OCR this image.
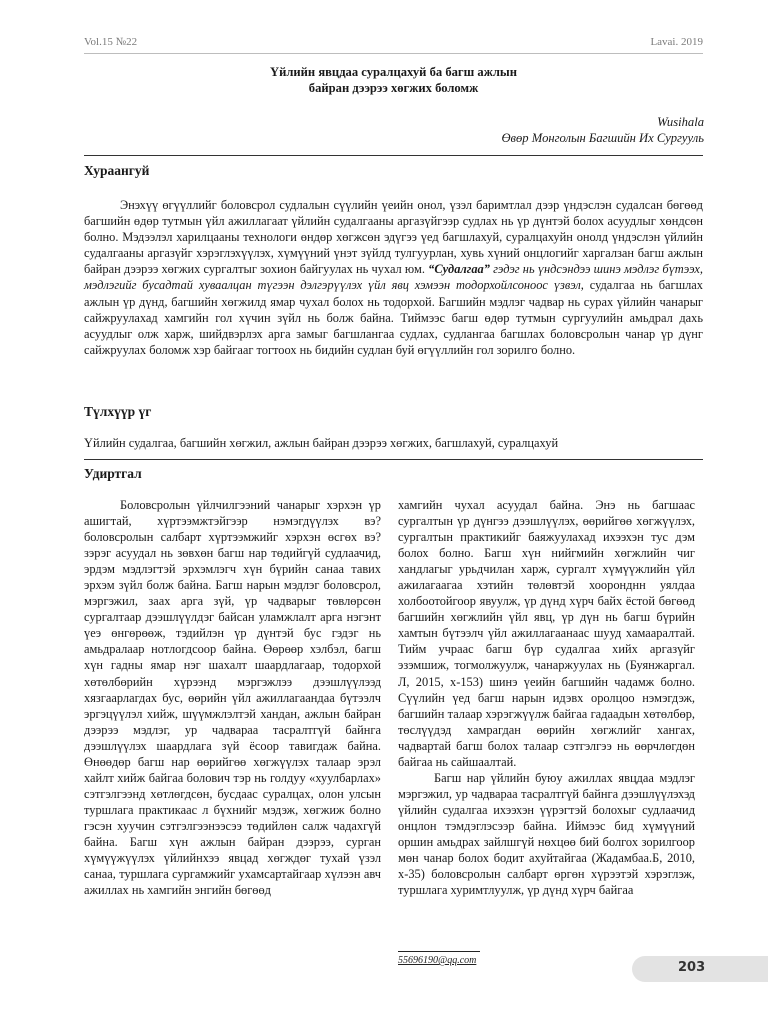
Vol.15 №22	Lavai. 2019
Үйлийн явцдаа суралцахуй ба багш ажлын
байран дээрээ хөгжих боломж
Wusihala
Өвөр Монголын Багшийн Их Сургууль
Хураангуй
Энэхүү өгүүллийг боловсрол судлалын сүүлийн үеийн онол, үзэл баримтлал дээр үндэслэн судалсан бөгөөд багшийн өдөр тутмын үйл ажиллагаат үйлийн судалгааны аргазүйгээр судлах нь үр дүнтэй болох асуудлыг хөндсөн болно. Мэдээлэл харилцааны технологи өндөр хөгжсөн эдүгээ үед багшлахуй, суралцахуйн онолд үндэслэн үйлийн судалгааны аргазүйг хэрэглэхүүлэх, хүмүүний үнэт зүйлд тулгуурлан, хувь хүний онцлогийг харгалзан багш ажлын байран дээрээ хөгжих сургалтыг зохион байгуулах нь чухал юм. “Судалгаа” гэдэг нь үндсэндээ шинэ мэдлэг бүтээх, мэдлэгийг бусадтай хуваалцан түгээн дэлгэрүүлэх үйл явц хэмээн тодорхойлсоноос үзвэл, судалгаа нь багшлах ажлын үр дүнд, багшийн хөгжилд ямар чухал болох нь тодорхой. Багшийн мэдлэг чадвар нь сурах үйлийн чанарыг сайжруулахад хамгийн гол хүчин зүйл нь болж байна. Тиймээс багш өдөр тутмын сургуулийн амьдрал дахь асуудлыг олж харж, шийдвэрлэх арга замыг багшлангаа судлах, судлангаа багшлах боловсролын чанар үр дүнг сайжруулах боломж хэр байгааг тогтоох нь бидийн судлан буй өгүүллийн гол зорилго болно.
Түлхүүр үг
Үйлийн судалгаа, багшийн хөгжил, ажлын байран дээрээ хөгжих, багшлахуй, суралцахуй
Удиртгал

Боловсролын үйлчилгээний чанарыг хэрхэн үр ашигтай, хүртээмжтэйгээр нэмэгдүүлэх вэ? боловсролын салбарт хүртээмжийг хэрхэн өсгөх вэ? зэрэг асуудал нь зөвхөн багш нар төдийгүй судлаачид, эрдэм мэдлэгтэй эрхэмлэгч хүн бүрийн санаа тавих эрхэм зүйл болж байна. Багш нарын мэдлэг боловсрол, мэргэжил, заах арга зүй, үр чадварыг төвлөрсөн сургалтаар дээшлүүлдэг байсан уламжлалт арга нэгэнт үеэ өнгөрөөж, тэдийлэн үр дүнтэй бус гэдэг нь амьдралаар нотлогдсоор байна. Өөрөөр хэлбэл, багш хүн гадны ямар нэг шахалт шаардлагаар, тодорхой хөтөлбөрийн хүрээнд мэргэжлээ дээшлүүлээд хязгаарлагдах бус, өөрийн үйл ажиллагаандаа бүтээлч эргэцүүлэл хийж, шүүмжлэлтэй хандан, ажлын байран дээрээ мэдлэг, ур чадвараа тасралтгүй байнга дээшлүүлэх шаардлага зүй ёсоор тавигдаж байна. Өнөөдөр багш нар өөрийгөө хөгжүүлэх талаар эрэл хайлт хийж байгаа болович тэр нь голдуу «хуулбарлах» сэтгэлгээнд хөтлөгдсөн, бусдаас суралцах, олон улсын туршлага практикаас л бүхнийг мэдэж, хөгжиж болно гэсэн хуучин сэтгэлгээнээсээ төдийлөн салж чадахгүй байна. Багш хүн ажлын байран дээрээ, сурган хүмүүжүүлэх үйлийнхээ явцад хөгждөг тухай үзэл санаа, туршлага сургамжийг ухамсартайгаар хүлээн авч ажиллах нь хамгийн энгийн бөгөөд

хамгийн чухал асуудал байна. Энэ нь багшаас сургалтын үр дүнгээ дээшлүүлэх, өөрийгөө хөгжүүлэх, сургалтын практикийг баяжуулахад ихээхэн тус дэм болох болно. Багш хүн нийгмийн хөгжлийн чиг хандлагыг урьдчилан харж, сургалт хүмүүжлийн үйл ажилагаагаа хэтийн төлөвтэй хооронднн уялдаа холбоотойгоор явуулж, үр дүнд хүрч байх ёстой бөгөөд багшийн хөгжлийн үйл явц, үр дүн нь багш бүрийн хамтын бүтээлч үйл ажиллагаанаас шууд хамааралтай. Тийм учраас багш бүр судалгаа хийх аргазүйг эзэмшиж, тогмолжуулж, чанаржуулах нь (Буянжаргал. Л, 2015, х-153) шинэ үеийн багшийн чадамж болно. Сүүлийн үед багш нарын идэвх оролцоо нэмэгдэж, багшийн талаар хэрэгжүүлж байгаа гадаадын хөтөлбөр, төслүүдэд хамрагдан өөрийн хөгжлийг хангах, чадвартай багш болох талаар сэтгэлгээ нь өөрчлөгдөн байгаа нь сайшаалтай.

Багш нар үйлийн буюу ажиллах явцдаа мэдлэг мэргэжил, ур чадвараа тасралтгүй байнга дээшлүүлэхэд үйлийн судалгаа ихээхэн үүрэгтэй болохыг судлаачид онцлон тэмдэглэсээр байна. Иймээс бид хүмүүний оршин амьдрах зайлшгүй нөхцөө бий болгох зорилгоор мөн чанар болох бодит ахуйтайгаа (Жадамбаа.Б, 2010, х-35) боловсролын салбарт өргөн хүрээтэй хэрэглэж, туршлага хуримтлуулж, үр дүнд хүрч байгаа

55696190@qq.com	203
